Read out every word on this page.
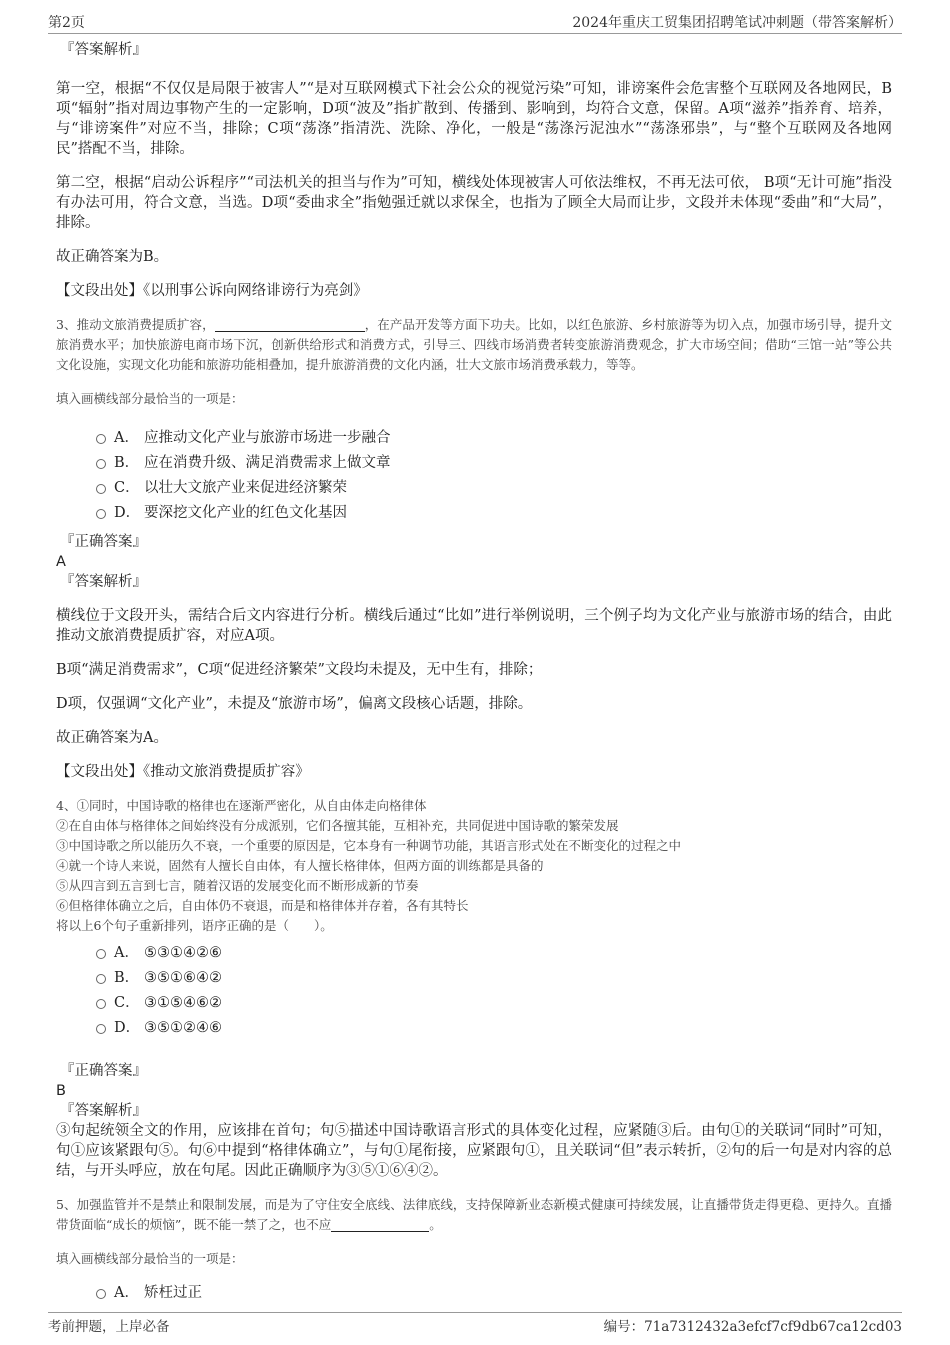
第2页	2024年重庆工贸集团招聘笔试冲刺题（带答案解析）

『答案解析』

第一空，根据“不仅仅是局限于被害人”“是对互联网模式下社会公众的视觉污染”可知，诽谤案件会危害整个互联网及各地网民，B项“辐射”指对周边事物产生的一定影响，D项“波及”指扩散到、传播到、影响到，均符合文意，保留。A项“滋养”指养育、培养，与“诽谤案件”对应不当，排除；C项“荡涤”指清洗、洗除、净化，一般是“荡涤污泥浊水”“荡涤邪祟”，与“整个互联网及各地网民”搭配不当，排除。

第二空，根据“启动公诉程序”“司法机关的担当与作为”可知，横线处体现被害人可依法维权，不再无法可依， B项“无计可施”指没有办法可用，符合文意，当选。D项“委曲求全”指勉强迁就以求保全，也指为了顾全大局而让步，文段并未体现“委曲”和“大局”，排除。

故正确答案为B。

【文段出处】《以刑事公诉向网络诽谤行为亮剑》

3、推动文旅消费提质扩容，	，在产品开发等方面下功夫。比如，以红色旅游、乡村旅游等为切入点，加强市场引导，提升文旅消费水平；加快旅游电商市场下沉，创新供给形式和消费方式，引导三、四线市场消费者转变旅游消费观念，扩大市场空间；借助“三馆一站”等公共文化设施，实现文化功能和旅游功能相叠加，提升旅游消费的文化内涵，壮大文旅市场消费承载力，等等。

填入画横线部分最恰当的一项是：

A． 应推动文化产业与旅游市场进一步融合
B． 应在消费升级、满足消费需求上做文章
C． 以壮大文旅产业来促进经济繁荣
D． 要深挖文化产业的红色文化基因

『正确答案』

A

『答案解析』

横线位于文段开头，需结合后文内容进行分析。横线后通过“比如”进行举例说明，三个例子均为文化产业与旅游市场的结合，由此推动文旅消费提质扩容，对应A项。

B项“满足消费需求”，C项“促进经济繁荣”文段均未提及，无中生有，排除；

D项，仅强调“文化产业”，未提及“旅游市场”，偏离文段核心话题，排除。

故正确答案为A。

【文段出处】《推动文旅消费提质扩容》

4、①同时，中国诗歌的格律也在逐渐严密化，从自由体走向格律体

②在自由体与格律体之间始终没有分成派别，它们各擅其能，互相补充，共同促进中国诗歌的繁荣发展

③中国诗歌之所以能历久不衰，一个重要的原因是，它本身有一种调节功能，其语言形式处在不断变化的过程之中

④就一个诗人来说，固然有人擅长自由体，有人擅长格律体，但两方面的训练都是具备的

⑤从四言到五言到七言，随着汉语的发展变化而不断形成新的节奏

⑥但格律体确立之后，自由体仍不衰退，而是和格律体并存着，各有其特长

将以上6个句子重新排列，语序正确的是（　　）。

A． ⑤③①④②⑥
B． ③⑤①⑥④②
C． ③①⑤④⑥②
D． ③⑤①②④⑥

『正确答案』

B

『答案解析』

③句起统领全文的作用，应该排在首句；句⑤描述中国诗歌语言形式的具体变化过程，应紧随③后。由句①的关联词“同时”可知，句①应该紧跟句⑤。句⑥中提到“格律体确立”，与句①尾衔接，应紧跟句①，且关联词“但”表示转折，②句的后一句是对内容的总结，与开头呼应，放在句尾。因此正确顺序为③⑤①⑥④②。

5、加强监管并不是禁止和限制发展，而是为了守住安全底线、法律底线，支持保障新业态新模式健康可持续发展，让直播带货走得更稳、更持久。直播带货面临“成长的烦恼”，既不能一禁了之，也不应	。

填入画横线部分最恰当的一项是：

A． 矫枉过正
考前押题，上岸必备	编号：71a7312432a3efcf7cf9db67ca12cd03
